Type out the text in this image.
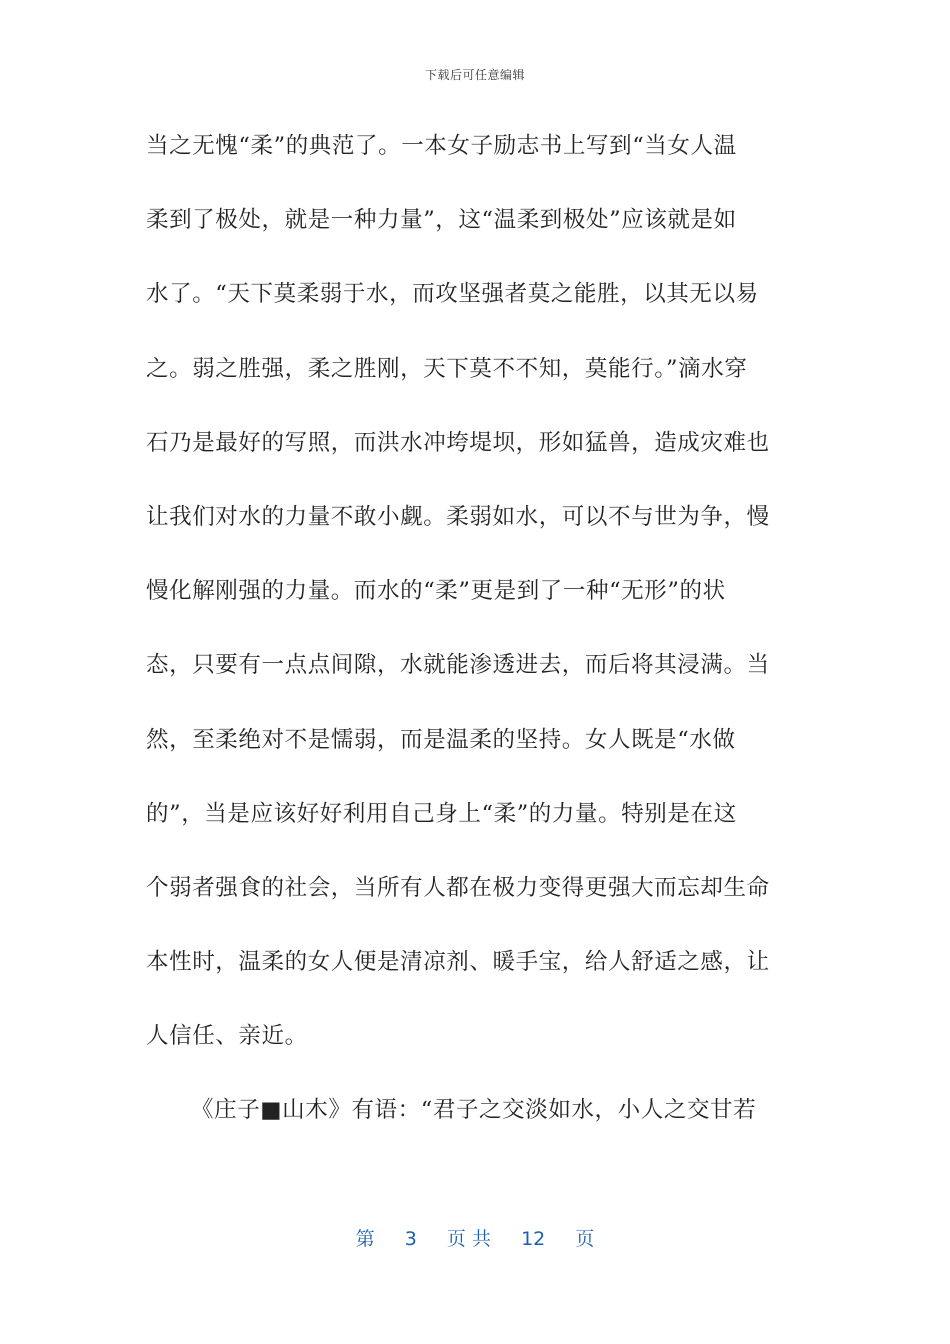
下载后可任意编辑
当之无愧“柔”的典范了。一本女子励志书上写到“当女人温
柔到了极处，就是一种力量”，这“温柔到极处”应该就是如
水了。“天下莫柔弱于水，而攻坚强者莫之能胜，以其无以易
之。弱之胜强，柔之胜刚，天下莫不不知，莫能行。”滴水穿
石乃是最好的写照，而洪水冲垮堤坝，形如猛兽，造成灾难也
让我们对水的力量不敢小觑。柔弱如水，可以不与世为争，慢
慢化解刚强的力量。而水的“柔”更是到了一种“无形”的状
态，只要有一点点间隙，水就能渗透进去，而后将其浸满。当
然，至柔绝对不是懦弱，而是温柔的坚持。女人既是“水做
的”，当是应该好好利用自己身上“柔”的力量。特别是在这
个弱者强食的社会，当所有人都在极力变得更强大而忘却生命
本性时，温柔的女人便是清凉剂、暖手宝，给人舒适之感，让
人信任、亲近。
《庄子■山木》有语：“君子之交淡如水，小人之交甘若
第 3 页 共 12 页
